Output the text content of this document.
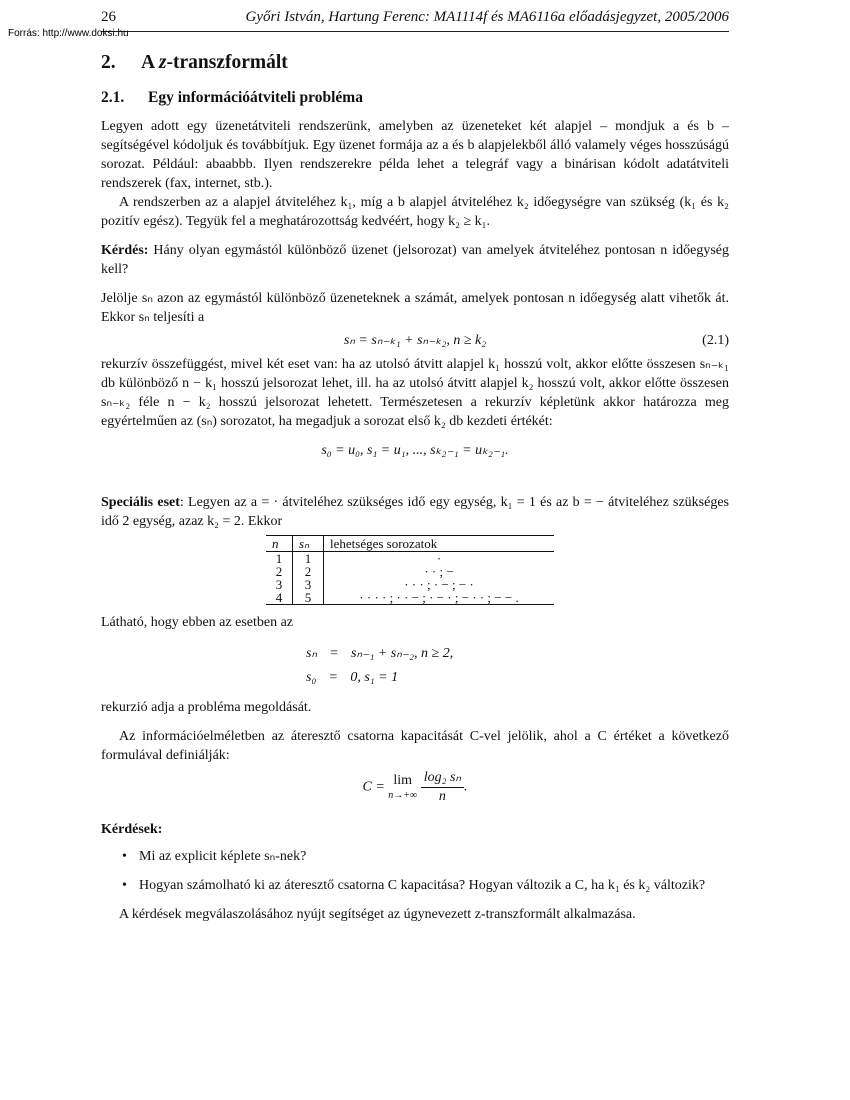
26	Győri István, Hartung Ferenc: MA1114f és MA6116a előadásjegyzet, 2005/2006
Forrás: http://www.doksi.hu
2. A z-transzformált
2.1. Egy információátviteli probléma

Legyen adott egy üzenetátviteli rendszerünk, amelyben az üzeneteket két alapjel – mondjuk a és b – segítségével kódoljuk és továbbítjuk. Egy üzenet formája az a és b alapjelekből álló valamely véges hosszúságú sorozat. Például: abaabbb. Ilyen rendszerekre példa lehet a telegráf vagy a binárisan kódolt adatátviteli rendszerek (fax, internet, stb.).

A rendszerben az a alapjel átviteléhez k₁, míg a b alapjel átviteléhez k₂ időegységre van szükség (k₁ és k₂ pozitív egész). Tegyük fel a meghatározottság kedvéért, hogy k₂ ≥ k₁.

Kérdés: Hány olyan egymástól különböző üzenet (jelsorozat) van amelyek átviteléhez pontosan n időegység kell?

Jelölje sₙ azon az egymástól különböző üzeneteknek a számát, amelyek pontosan n időegység alatt vihetők át. Ekkor sₙ teljesíti a

sₙ = sₙ₋ₖ₁ + sₙ₋ₖ₂, n ≥ k₂	(2.1)

rekurzív összefüggést, mivel két eset van: ha az utolsó átvitt alapjel k₁ hosszú volt, akkor előtte összesen sₙ₋ₖ₁ db különböző n − k₁ hosszú jelsorozat lehet, ill. ha az utolsó átvitt alapjel k₂ hosszú volt, akkor előtte összesen sₙ₋ₖ₂ féle n − k₂ hosszú jelsorozat lehetett. Természetesen a rekurzív képletünk akkor határozza meg egyértelműen az (sₙ) sorozatot, ha megadjuk a sorozat első k₂ db kezdeti értékét:

s₀ = u₀, s₁ = u₁, ..., sₖ₂₋₁ = uₖ₂₋₁.

Speciális eset: Legyen az a = · átviteléhez szükséges idő egy egység, k₁ = 1 és az b = − átviteléhez szükséges idő 2 egység, azaz k₂ = 2. Ekkor

n	sₙ	lehetséges sorozatok
1	1	·
2	2	· · ; −
3	3	· · · ; · − ; − ·
4	5	· · · · ; · · − ; · − · ; − · · ; − − .

Látható, hogy ebben az esetben az

sₙ = sₙ₋₁ + sₙ₋₂, n ≥ 2,
s₀ = 0, s₁ = 1

rekurzió adja a probléma megoldását.

Az információelméletben az áteresztő csatorna kapacitását C-vel jelölik, ahol a C értéket a következő formulával definiálják:

C = lim
n→+∞
$\frac{\text{log₂ sₙ}}{n}$ .

Kérdések:

• Mi az explicit képlete sₙ-nek?
• Hogyan számolható ki az áteresztő csatorna C kapacitása? Hogyan változik a C, ha k₁ és k₂ változik?

A kérdések megválaszolásához nyújt segítséget az úgynevezett z-transzformált alkalmazása.
